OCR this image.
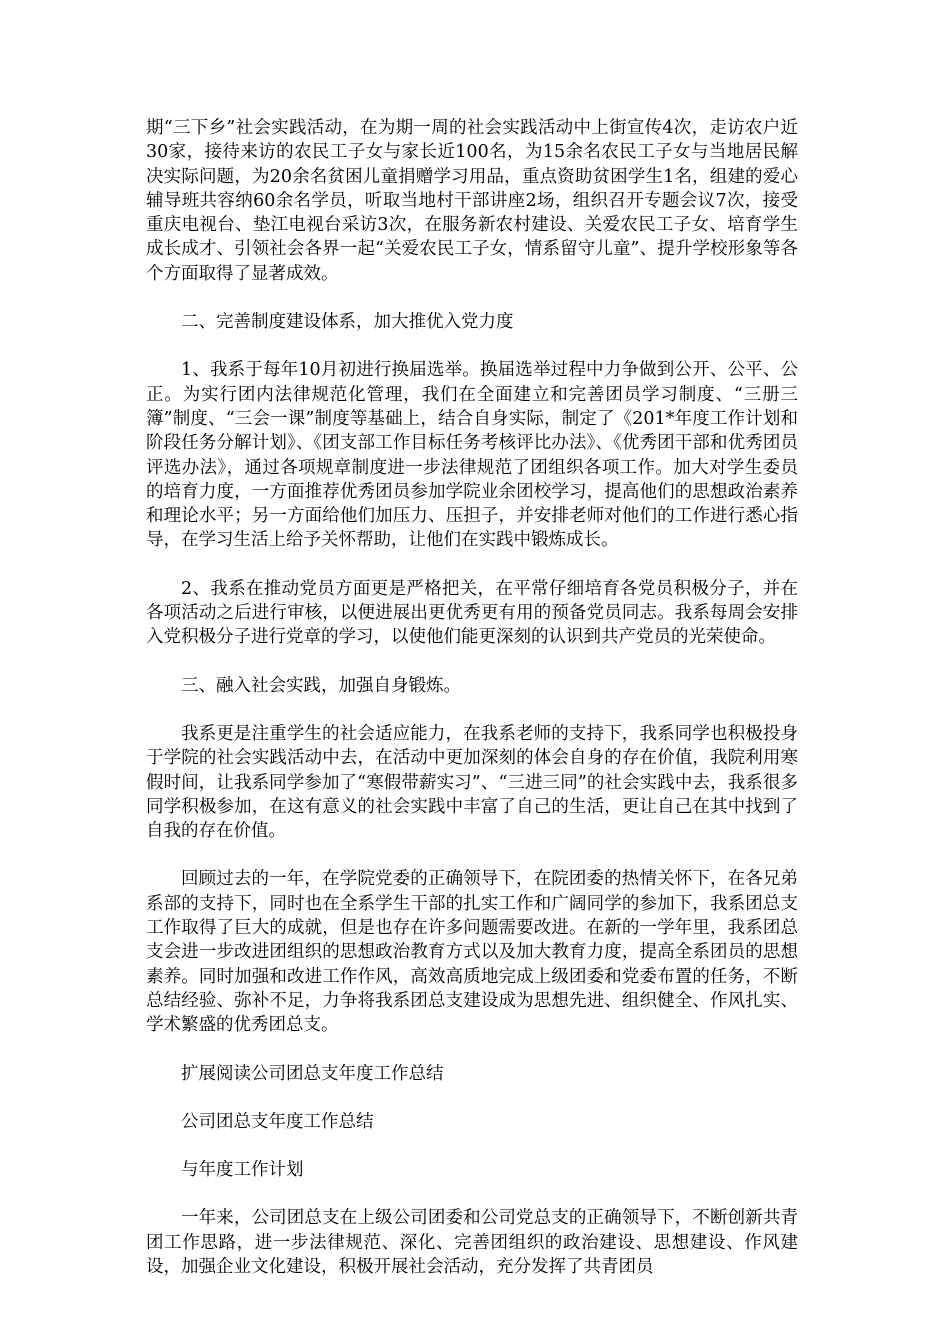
期“三下乡”社会实践活动，在为期一周的社会实践活动中上街宣传4次，走访农户近30家，接待来访的农民工子女与家长近100名，为15余名农民工子女与当地居民解决实际问题，为20余名贫困儿童捐赠学习用品，重点资助贫困学生1名，组建的爱心辅导班共容纳60余名学员，听取当地村干部讲座2场，组织召开专题会议7次，接受重庆电视台、垫江电视台采访3次，在服务新农村建设、关爱农民工子女、培育学生成长成才、引领社会各界一起“关爱农民工子女，情系留守儿童”、提升学校形象等各个方面取得了显著成效。

二、完善制度建设体系，加大推优入党力度

1、我系于每年10月初进行换届选举。换届选举过程中力争做到公开、公平、公正。为实行团内法律规范化管理，我们在全面建立和完善团员学习制度、“三册三簿”制度、“三会一课”制度等基础上，结合自身实际，制定了《201*年度工作计划和阶段任务分解计划》、《团支部工作目标任务考核评比办法》、《优秀团干部和优秀团员评选办法》，通过各项规章制度进一步法律规范了团组织各项工作。加大对学生委员的培育力度，一方面推荐优秀团员参加学院业余团校学习，提高他们的思想政治素养和理论水平；另一方面给他们加压力、压担子，并安排老师对他们的工作进行悉心指导，在学习生活上给予关怀帮助，让他们在实践中锻炼成长。

2、我系在推动党员方面更是严格把关，在平常仔细培育各党员积极分子，并在各项活动之后进行审核，以便进展出更优秀更有用的预备党员同志。我系每周会安排入党积极分子进行党章的学习，以使他们能更深刻的认识到共产党员的光荣使命。

三、融入社会实践，加强自身锻炼。

我系更是注重学生的社会适应能力，在我系老师的支持下，我系同学也积极投身于学院的社会实践活动中去，在活动中更加深刻的体会自身的存在价值，我院利用寒假时间，让我系同学参加了“寒假带薪实习”、“三进三同”的社会实践中去，我系很多同学积极参加，在这有意义的社会实践中丰富了自己的生活，更让自己在其中找到了自我的存在价值。

回顾过去的一年，在学院党委的正确领导下，在院团委的热情关怀下，在各兄弟系部的支持下，同时也在全系学生干部的扎实工作和广阔同学的参加下，我系团总支工作取得了巨大的成就，但是也存在许多问题需要改进。在新的一学年里，我系团总支会进一步改进团组织的思想政治教育方式以及加大教育力度，提高全系团员的思想素养。同时加强和改进工作作风，高效高质地完成上级团委和党委布置的任务，不断总结经验、弥补不足，力争将我系团总支建设成为思想先进、组织健全、作风扎实、学术繁盛的优秀团总支。

扩展阅读公司团总支年度工作总结

公司团总支年度工作总结

与年度工作计划

一年来，公司团总支在上级公司团委和公司党总支的正确领导下，不断创新共青团工作思路，进一步法律规范、深化、完善团组织的政治建设、思想建设、作风建设，加强企业文化建设，积极开展社会活动，充分发挥了共青团员
